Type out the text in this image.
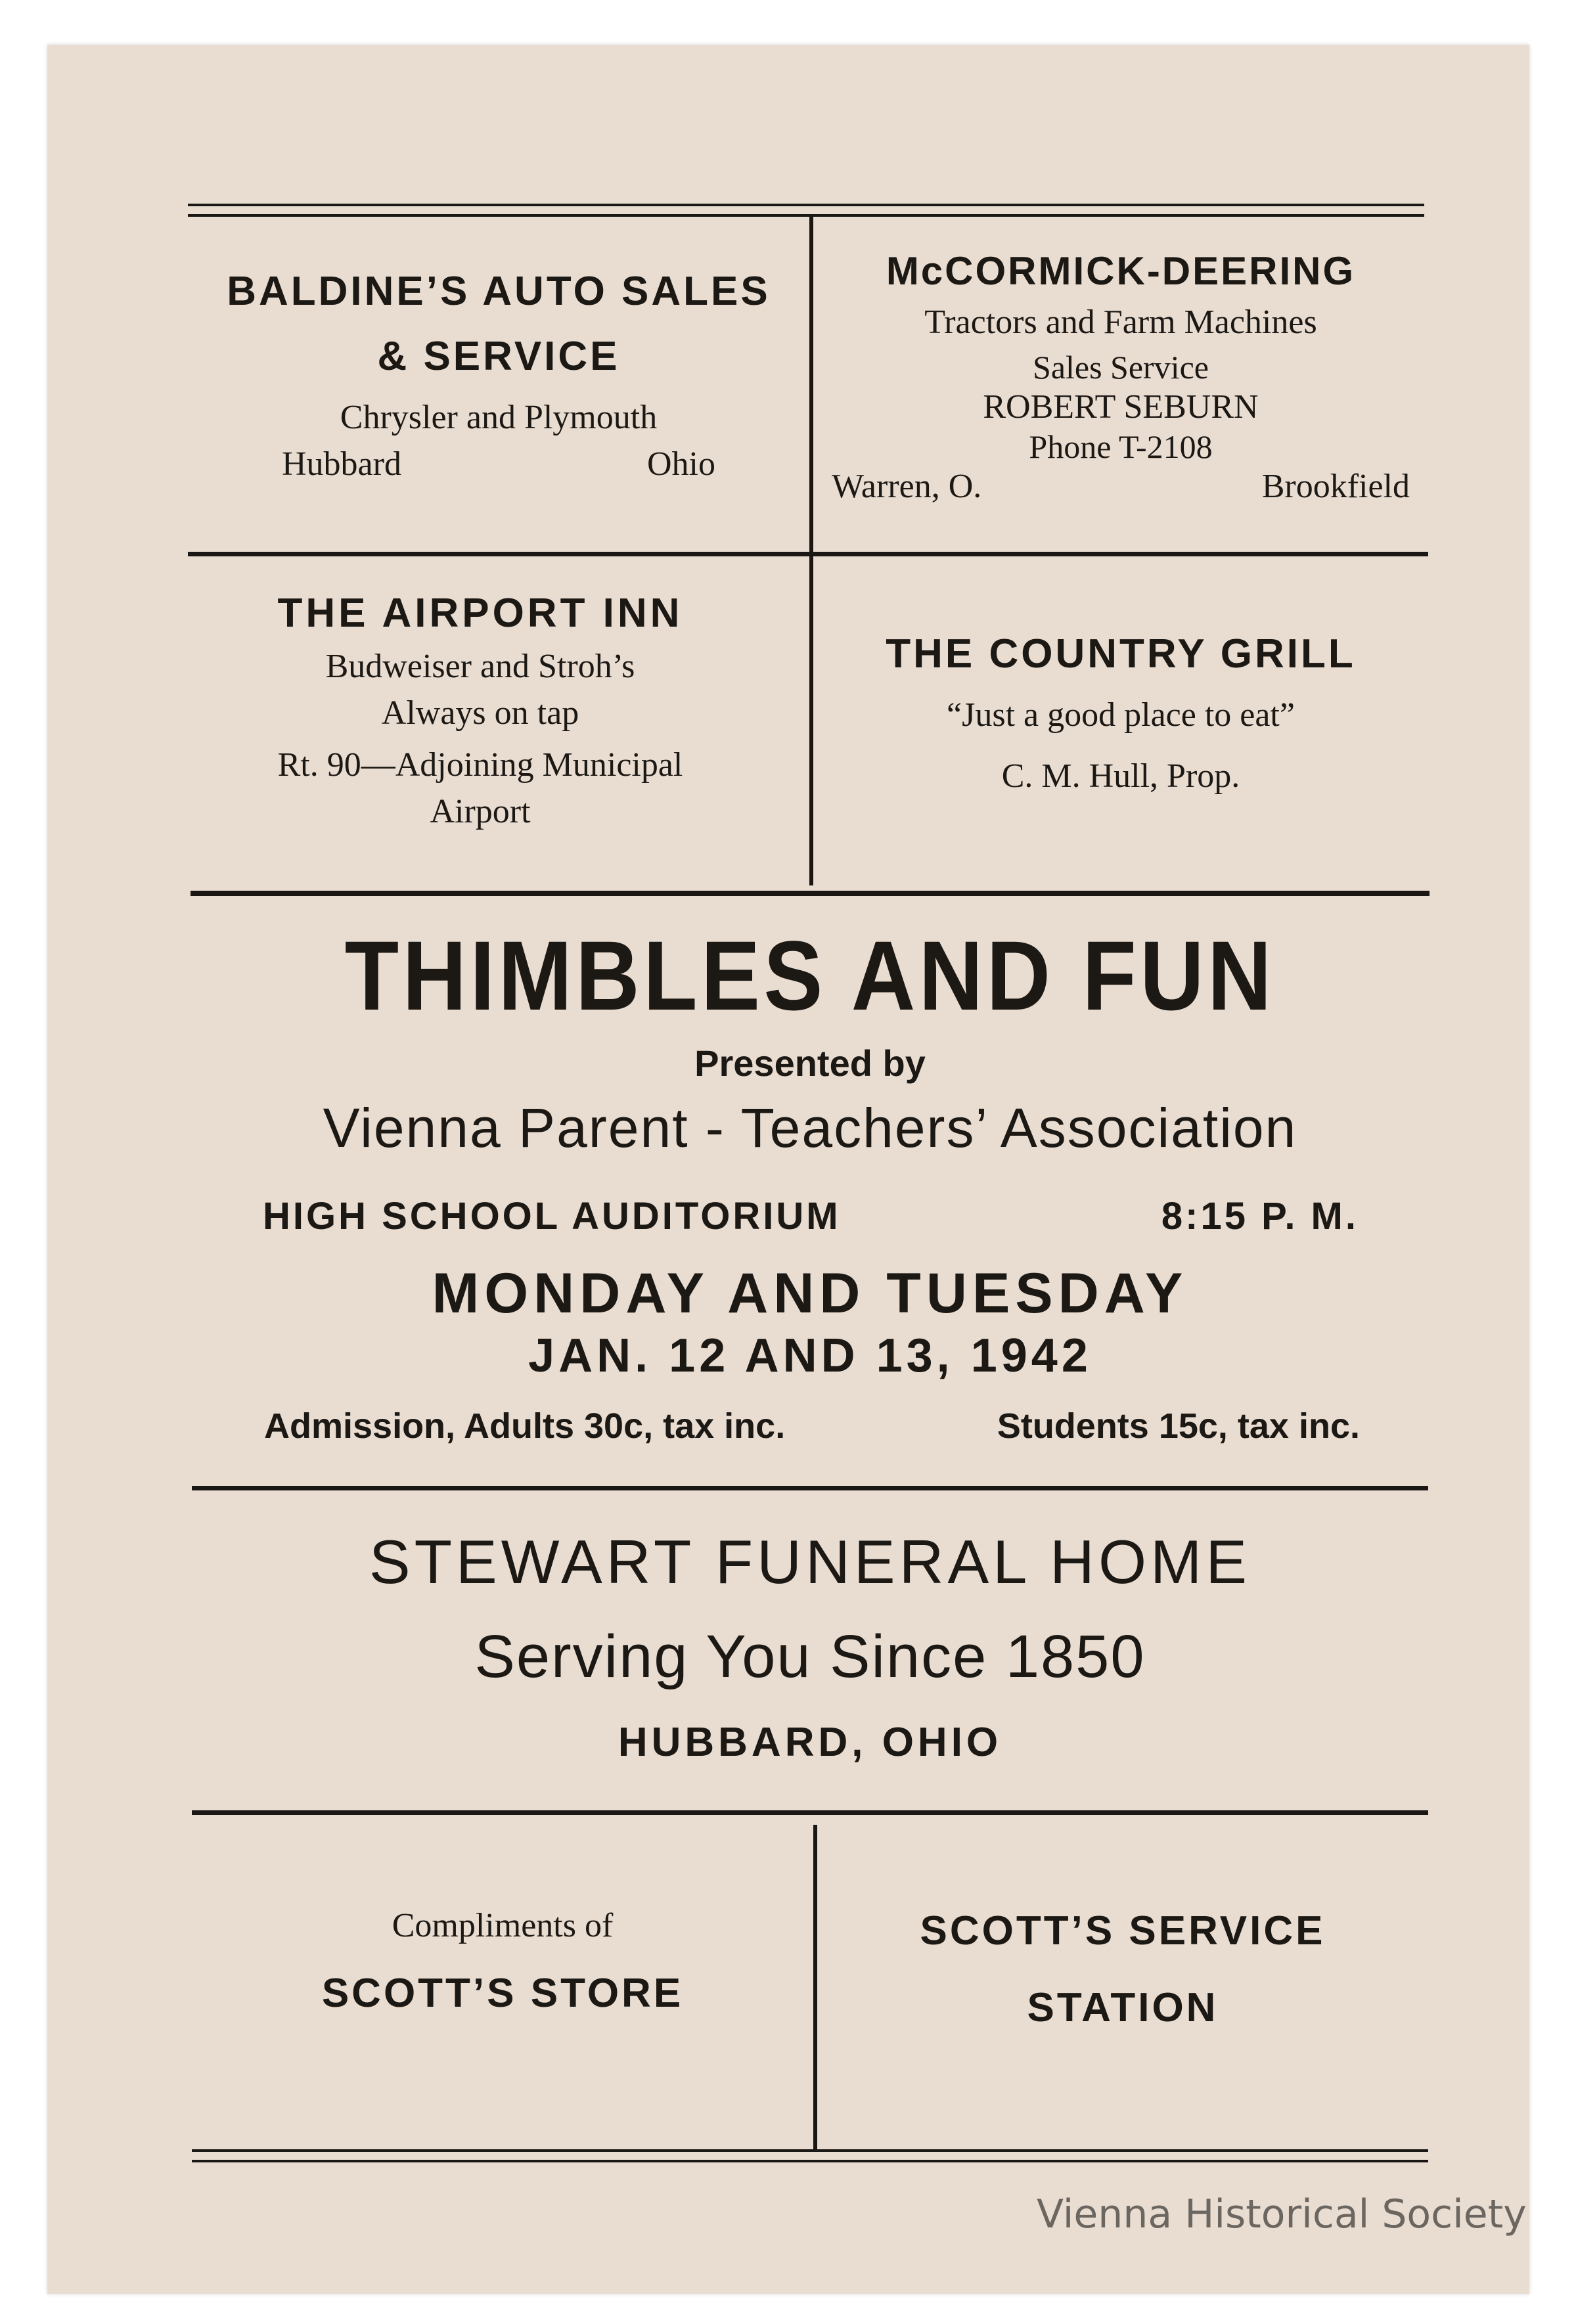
BALDINE’S AUTO SALES
& SERVICE
Chrysler and Plymouth
Hubbard	Ohio
McCORMICK-DEERING
Tractors and Farm Machines
Sales Service
ROBERT SEBURN
Phone T-2108
Warren, O.	Brookfield
THE AIRPORT INN
Budweiser and Stroh’s
Always on tap
Rt. 90—Adjoining Municipal
Airport
THE COUNTRY GRILL
“Just a good place to eat”
C. M. Hull, Prop.
THIMBLES AND FUN
Presented by
Vienna Parent - Teachers’ Association
HIGH SCHOOL AUDITORIUM	8:15 P. M.
MONDAY AND TUESDAY
JAN. 12 AND 13, 1942
Admission, Adults 30c, tax inc.	Students 15c, tax inc.
STEWART FUNERAL HOME
Serving You Since 1850
HUBBARD, OHIO
Compliments of
SCOTT’S STORE
SCOTT’S SERVICE
STATION
Vienna Historical Society
